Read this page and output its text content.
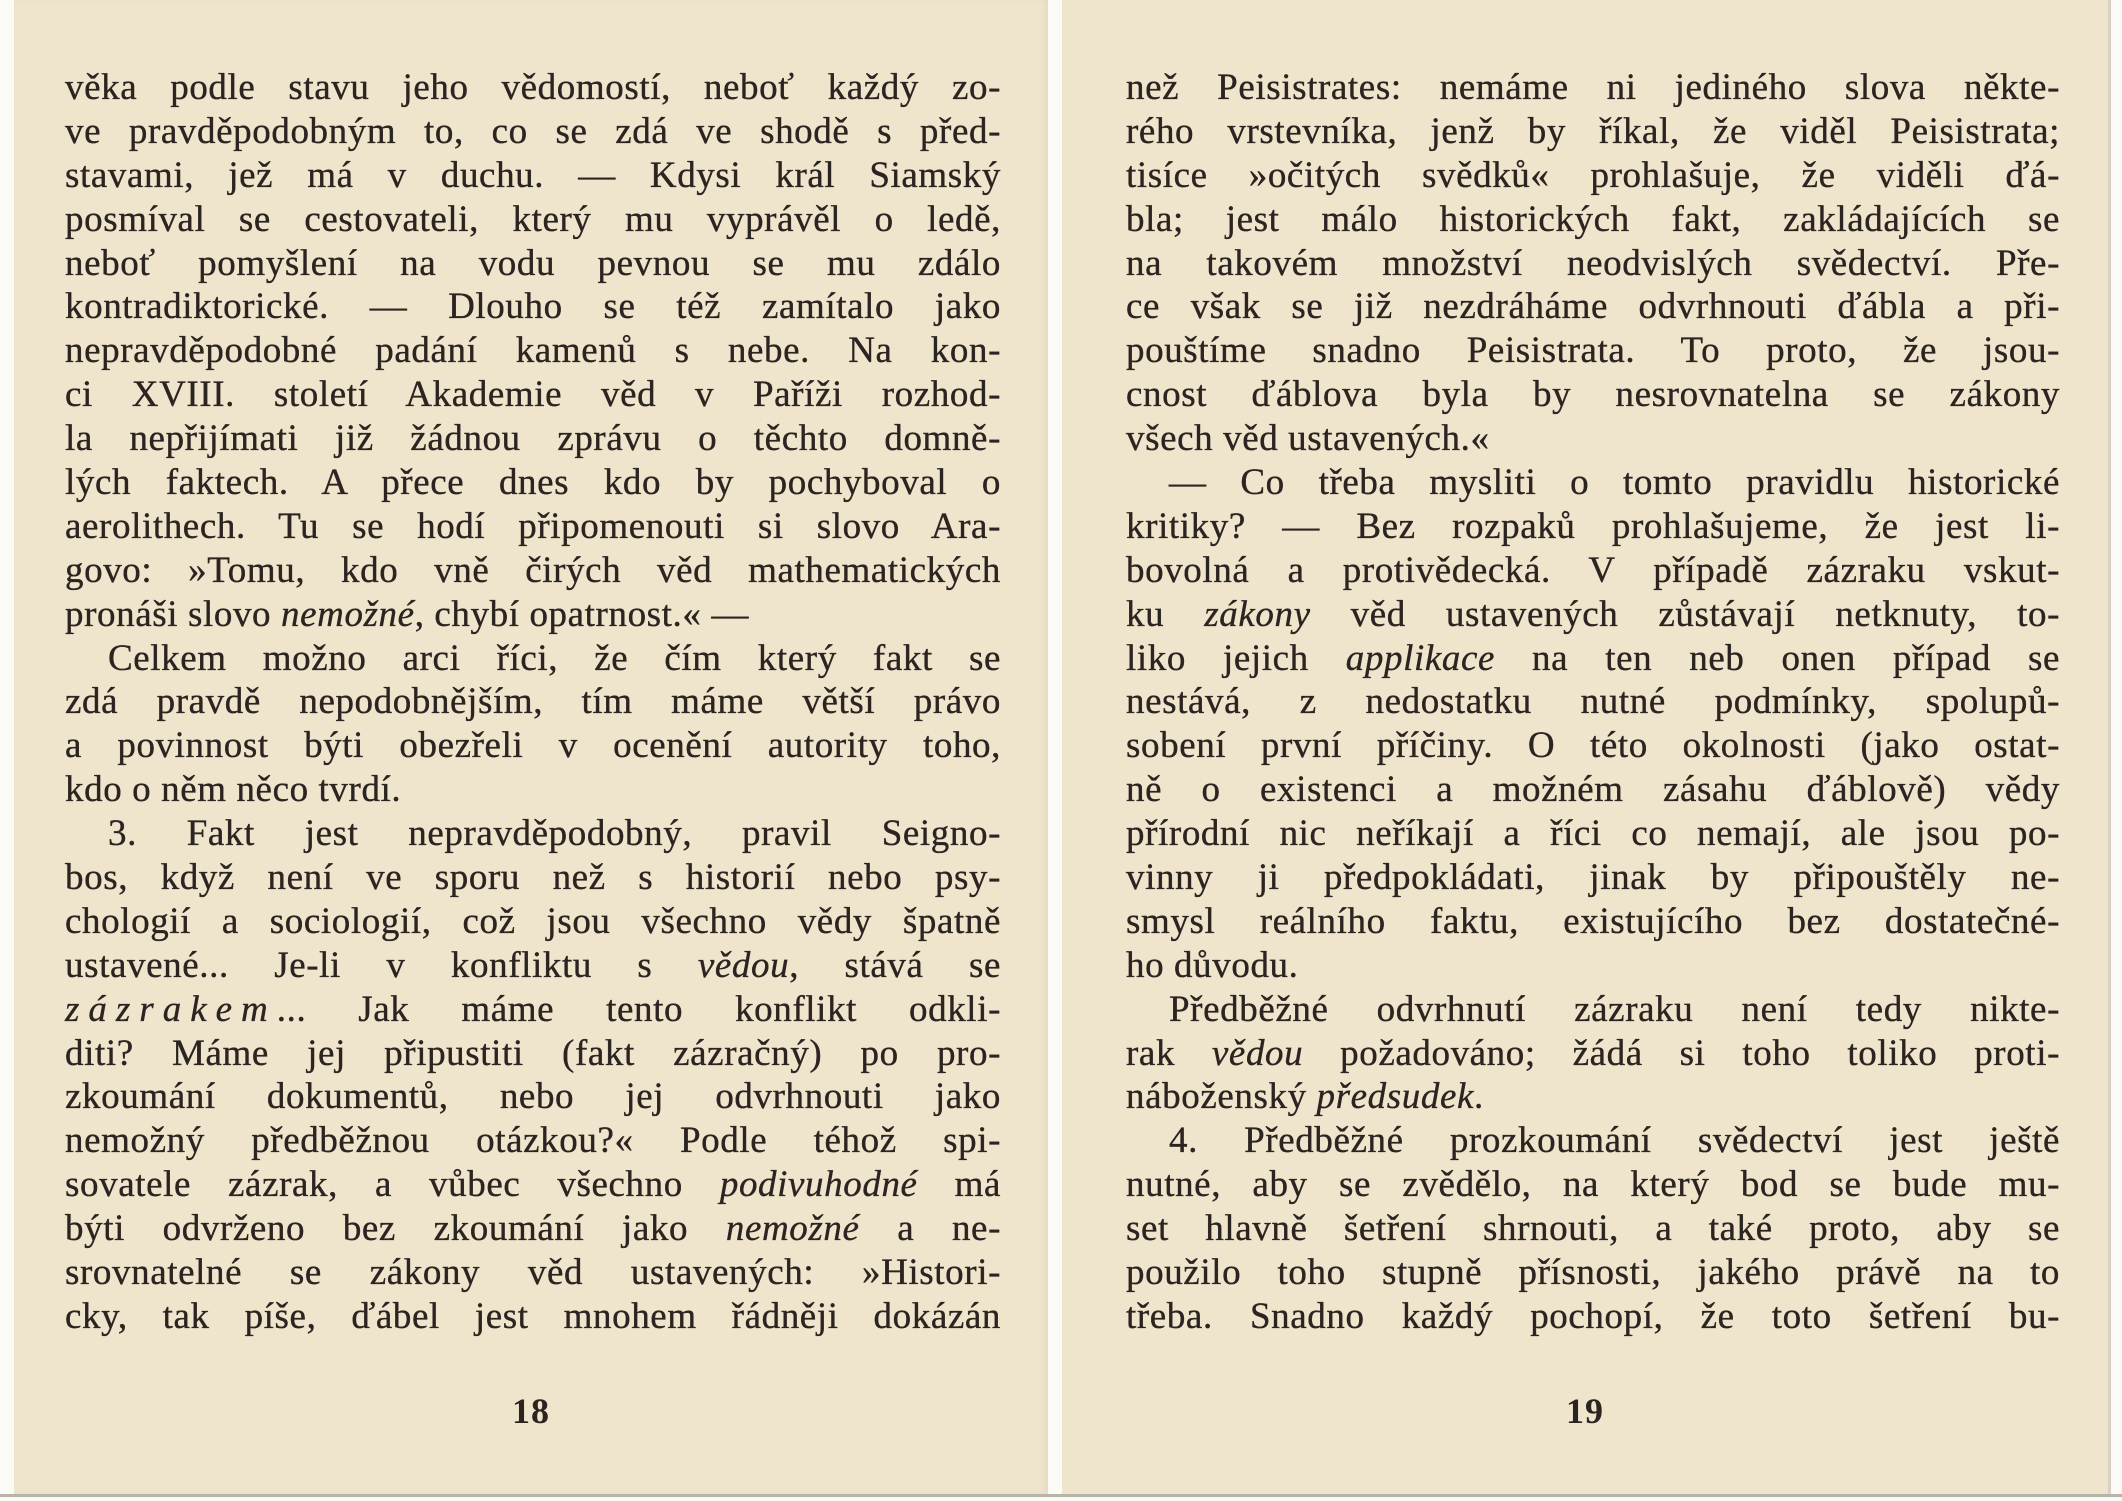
věka podle stavu jeho vědomostí, neboť každý zo-
ve pravděpodobným to, co se zdá ve shodě s před-
stavami, jež má v duchu. — Kdysi král Siamský
posmíval se cestovateli, který mu vyprávěl o ledě,
neboť pomyšlení na vodu pevnou se mu zdálo
kontradiktorické. — Dlouho se též zamítalo jako
nepravděpodobné padání kamenů s nebe. Na kon-
ci XVIII. století Akademie věd v Paříži rozhod-
la nepřijímati již žádnou zprávu o těchto domně-
lých faktech. A přece dnes kdo by pochyboval o
aerolithech. Tu se hodí připomenouti si slovo Ara-
govo: »Tomu, kdo vně čirých věd mathematických
pronáši slovo nemožné, chybí opatrnost.« —
Celkem možno arci říci, že čím který fakt se
zdá pravdě nepodobnějším, tím máme větší právo
a povinnost býti obezřeli v ocenění autority toho,
kdo o něm něco tvrdí.
3. Fakt jest nepravděpodobný, pravil Seigno-
bos, když není ve sporu než s historií nebo psy-
chologií a sociologií, což jsou všechno vědy špatně
ustavené... Je-li v konfliktu s vědou, stává se
zázrakem... Jak máme tento konflikt odkli-
diti? Máme jej připustiti (fakt zázračný) po pro-
zkoumání dokumentů, nebo jej odvrhnouti jako
nemožný předběžnou otázkou?« Podle téhož spi-
sovatele zázrak, a vůbec všechno podivuhodné má
býti odvrženo bez zkoumání jako nemožné a ne-
srovnatelné se zákony věd ustavených: »Histori-
cky, tak píše, ďábel jest mnohem řádněji dokázán
18
než Peisistrates: nemáme ni jediného slova někte-
rého vrstevníka, jenž by říkal, že viděl Peisistrata;
tisíce »očitých svědků« prohlašuje, že viděli ďá-
bla; jest málo historických fakt, zakládajících se
na takovém množství neodvislých svědectví. Pře-
ce však se již nezdráháme odvrhnouti ďábla a při-
pouštíme snadno Peisistrata. To proto, že jsou-
cnost ďáblova byla by nesrovnatelna se zákony
všech věd ustavených.«
— Co třeba mysliti o tomto pravidlu historické
kritiky? — Bez rozpaků prohlašujeme, že jest li-
bovolná a protivědecká. V případě zázraku vskut-
ku zákony věd ustavených zůstávají netknuty, to-
liko jejich applikace na ten neb onen případ se
nestává, z nedostatku nutné podmínky, spolupů-
sobení první příčiny. O této okolnosti (jako ostat-
ně o existenci a možném zásahu ďáblově) vědy
přírodní nic neříkají a říci co nemají, ale jsou po-
vinny ji předpokládati, jinak by připouštěly ne-
smysl reálního faktu, existujícího bez dostatečné-
ho důvodu.
Předběžné odvrhnutí zázraku není tedy nikte-
rak vědou požadováno; žádá si toho toliko proti-
náboženský předsudek.
4. Předběžné prozkoumání svědectví jest ještě
nutné, aby se zvědělo, na který bod se bude mu-
set hlavně šetření shrnouti, a také proto, aby se
použilo toho stupně přísnosti, jakého právě na to
třeba. Snadno každý pochopí, že toto šetření bu-
19
